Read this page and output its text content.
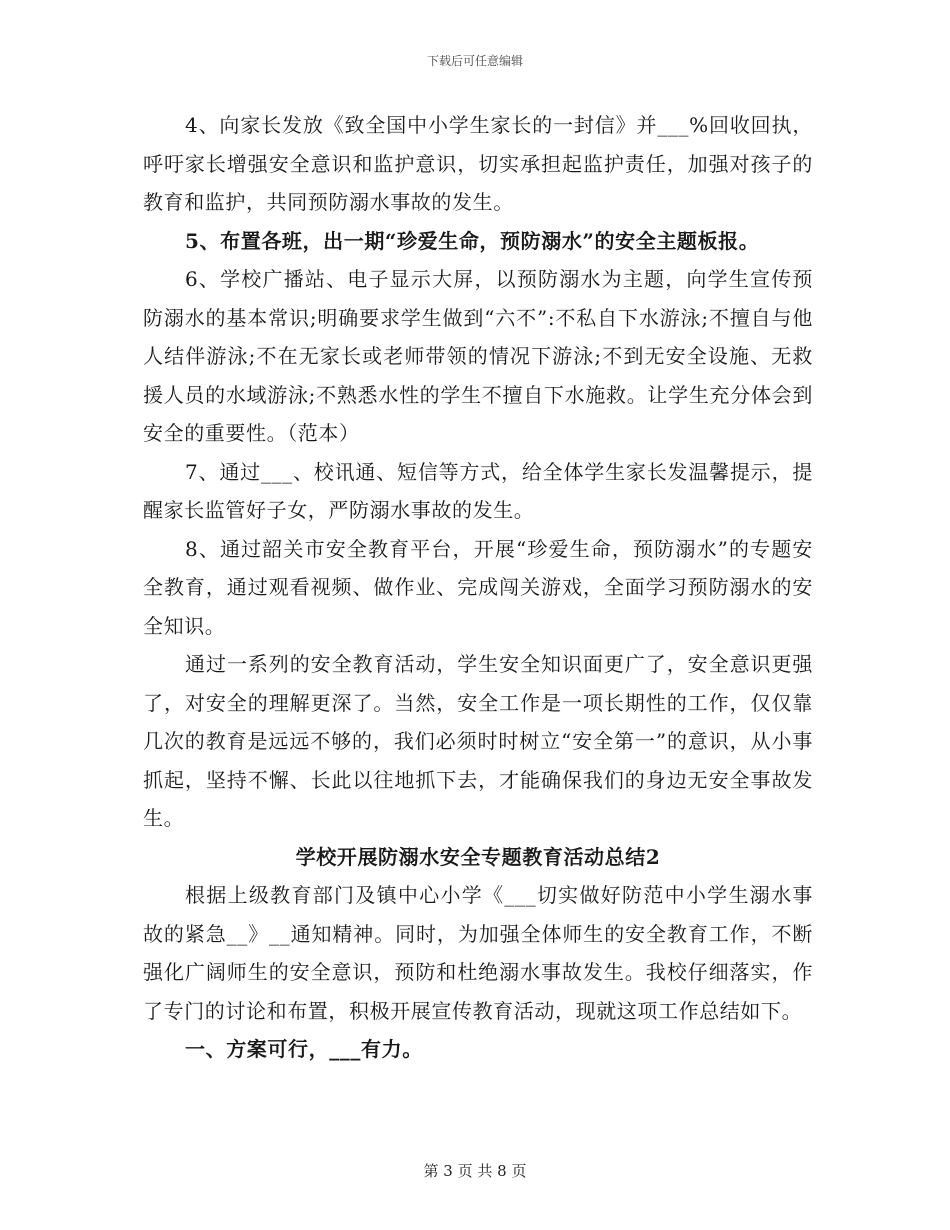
下载后可任意编辑

4、向家长发放《致全国中小学生家长的一封信》并___%回收回执，呼吁家长增强安全意识和监护意识，切实承担起监护责任，加强对孩子的教育和监护，共同预防溺水事故的发生。

5、布置各班，出一期“珍爱生命，预防溺水”的安全主题板报。

6、学校广播站、电子显示大屏，以预防溺水为主题，向学生宣传预防溺水的基本常识;明确要求学生做到“六不”:不私自下水游泳;不擅自与他人结伴游泳;不在无家长或老师带领的情况下游泳;不到无安全设施、无救援人员的水域游泳;不熟悉水性的学生不擅自下水施救。让学生充分体会到安全的重要性。（范本）

7、通过___、校讯通、短信等方式，给全体学生家长发温馨提示，提醒家长监管好子女，严防溺水事故的发生。

8、通过韶关市安全教育平台，开展“珍爱生命，预防溺水”的专题安全教育，通过观看视频、做作业、完成闯关游戏，全面学习预防溺水的安全知识。

通过一系列的安全教育活动，学生安全知识面更广了，安全意识更强了，对安全的理解更深了。当然，安全工作是一项长期性的工作，仅仅靠几次的教育是远远不够的，我们必须时时树立“安全第一”的意识，从小事抓起，坚持不懈、长此以往地抓下去，才能确保我们的身边无安全事故发生。

学校开展防溺水安全专题教育活动总结2

根据上级教育部门及镇中心小学《___切实做好防范中小学生溺水事故的紧急__》__通知精神。同时，为加强全体师生的安全教育工作，不断强化广阔师生的安全意识，预防和杜绝溺水事故发生。我校仔细落实，作了专门的讨论和布置，积极开展宣传教育活动，现就这项工作总结如下。

一、方案可行，___有力。

第 3 页 共 8 页
